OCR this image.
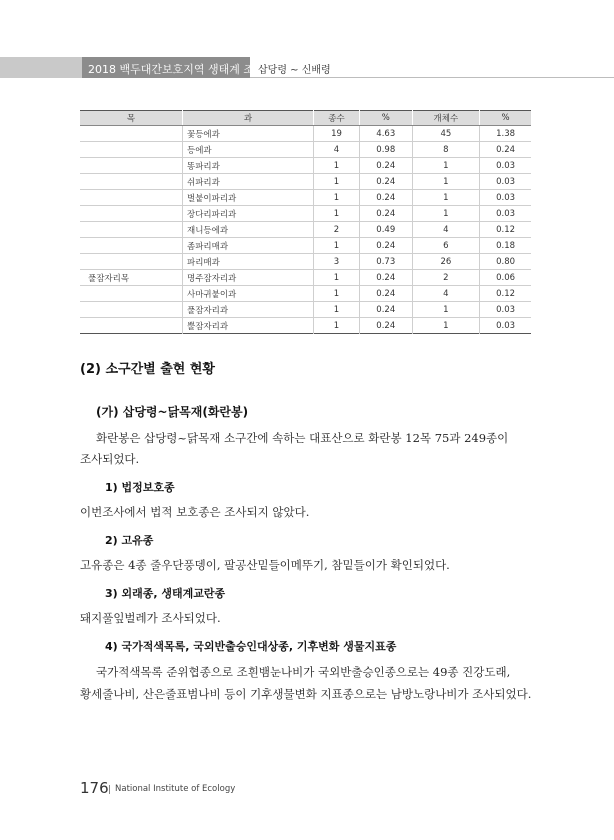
2018 백두대간보호지역 생태계 조사
삽당령 ~ 신배령
목	과	종수	%	개체수	%
	꽃등에과	19	4.63	45	1.38
	등에과	4	0.98	8	0.24
	똥파리과	1	0.24	1	0.03
	쉬파리과	1	0.24	1	0.03
	벌붙이파리과	1	0.24	1	0.03
	장다리파리과	1	0.24	1	0.03
	재니등에과	2	0.49	4	0.12
	좀파리매과	1	0.24	6	0.18
	파리매과	3	0.73	26	0.80
풀잠자리목	명주잠자리과	1	0.24	2	0.06
	사마귀붙이과	1	0.24	4	0.12
	풀잠자리과	1	0.24	1	0.03
	뿔잠자리과	1	0.24	1	0.03
(2) 소구간별 출현 현황
(가) 삽당령~닭목재(화란봉)
화란봉은 삽당령~닭목재 소구간에 속하는 대표산으로 화란봉 12목 75과 249종이
조사되었다.
1) 법정보호종
이번조사에서 법적 보호종은 조사되지 않았다.
2) 고유종
고유종은 4종 줄우단풍뎅이, 팔공산밑들이메뚜기, 참밑들이가 확인되었다.
3) 외래종, 생태계교란종
돼지풀잎벌레가 조사되었다.
4) 국가적색목록, 국외반출승인대상종, 기후변화 생물지표종
국가적색목록 준위협종으로 조흰뱀눈나비가 국외반출승인종으로는 49종 진강도래,
황세줄나비, 산은줄표범나비 등이 기후생물변화 지표종으로는 남방노랑나비가 조사되었다.
176 National Institute of Ecology
